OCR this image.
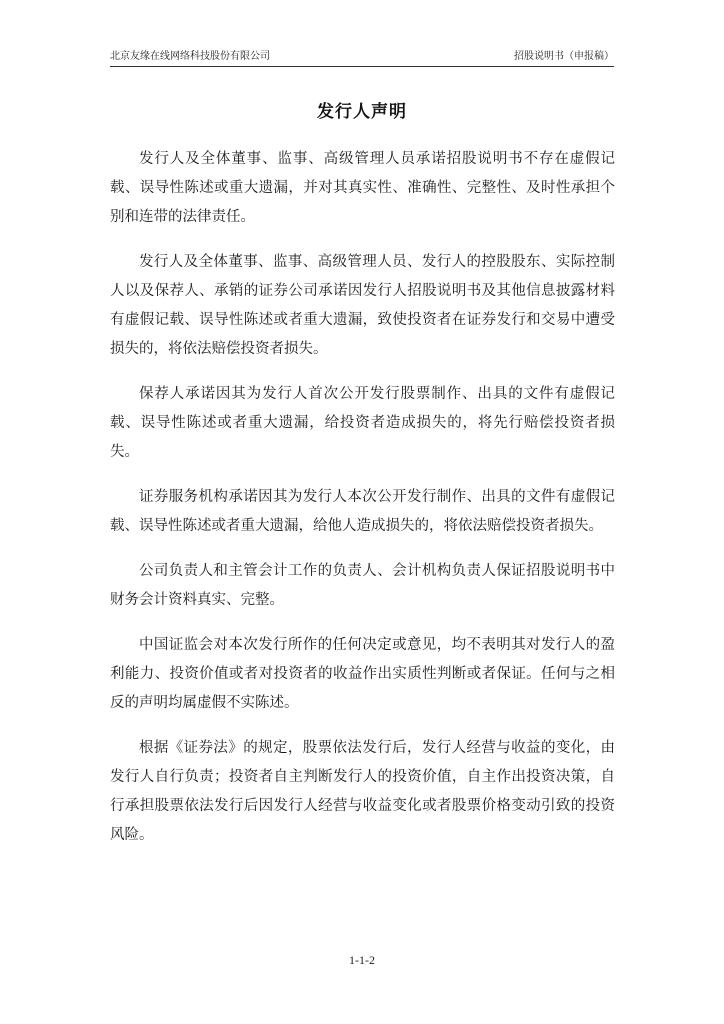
北京友缘在线网络科技股份有限公司	招股说明书（申报稿）
发行人声明

发行人及全体董事、监事、高级管理人员承诺招股说明书不存在虚假记载、误导性陈述或重大遗漏，并对其真实性、准确性、完整性、及时性承担个别和连带的法律责任。

发行人及全体董事、监事、高级管理人员、发行人的控股股东、实际控制人以及保荐人、承销的证券公司承诺因发行人招股说明书及其他信息披露材料有虚假记载、误导性陈述或者重大遗漏，致使投资者在证券发行和交易中遭受损失的，将依法赔偿投资者损失。

保荐人承诺因其为发行人首次公开发行股票制作、出具的文件有虚假记载、误导性陈述或者重大遗漏，给投资者造成损失的，将先行赔偿投资者损失。

证券服务机构承诺因其为发行人本次公开发行制作、出具的文件有虚假记载、误导性陈述或者重大遗漏，给他人造成损失的，将依法赔偿投资者损失。

公司负责人和主管会计工作的负责人、会计机构负责人保证招股说明书中财务会计资料真实、完整。

中国证监会对本次发行所作的任何决定或意见，均不表明其对发行人的盈利能力、投资价值或者对投资者的收益作出实质性判断或者保证。任何与之相反的声明均属虚假不实陈述。

根据《证券法》的规定，股票依法发行后，发行人经营与收益的变化，由发行人自行负责；投资者自主判断发行人的投资价值，自主作出投资决策，自行承担股票依法发行后因发行人经营与收益变化或者股票价格变动引致的投资风险。

1-1-2
